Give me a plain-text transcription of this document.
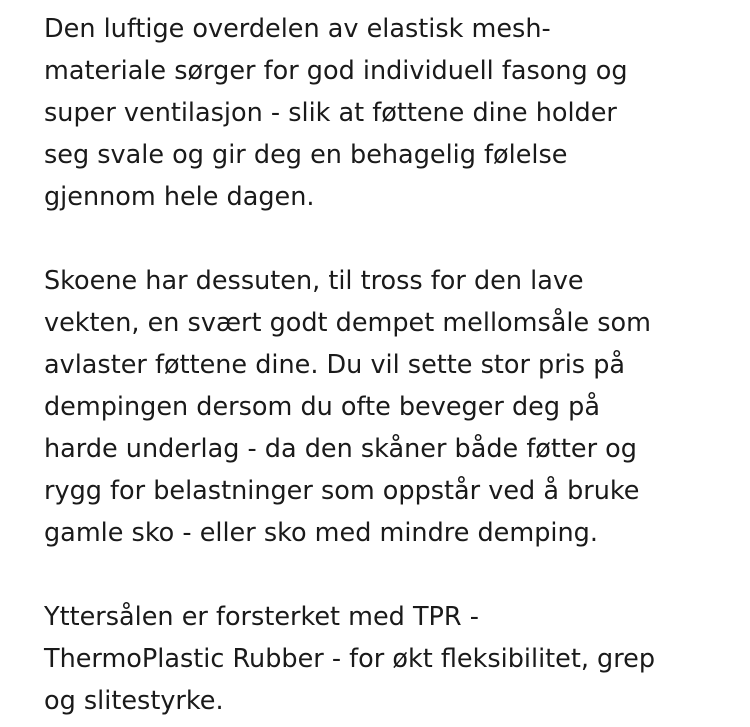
Den luftige overdelen av elastisk mesh-
materiale sørger for god individuell fasong og
super ventilasjon - slik at føttene dine holder
seg svale og gir deg en behagelig følelse
gjennom hele dagen.

Skoene har dessuten, til tross for den lave
vekten, en svært godt dempet mellomsåle som
avlaster føttene dine. Du vil sette stor pris på
dempingen dersom du ofte beveger deg på
harde underlag - da den skåner både føtter og
rygg for belastninger som oppstår ved å bruke
gamle sko - eller sko med mindre demping.

Yttersålen er forsterket med TPR -
ThermoPlastic Rubber - for økt fleksibilitet, grep
og slitestyrke.
